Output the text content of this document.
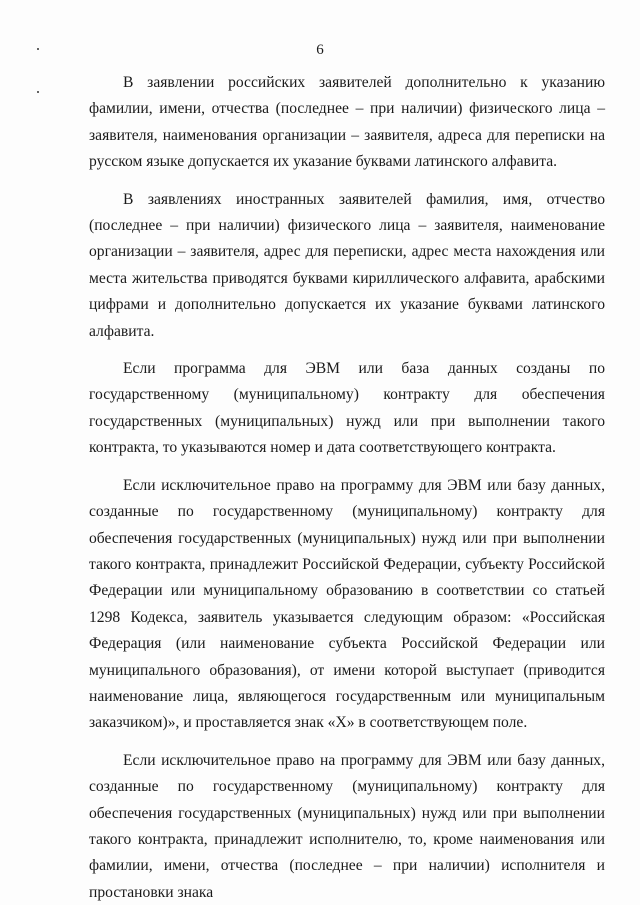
6

В заявлении российских заявителей дополнительно к указанию фамилии, имени, отчества (последнее – при наличии) физического лица – заявителя, наименования организации – заявителя, адреса для переписки на русском языке допускается их указание буквами латинского алфавита.

В заявлениях иностранных заявителей фамилия, имя, отчество (последнее – при наличии) физического лица – заявителя, наименование организации – заявителя, адрес для переписки, адрес места нахождения или места жительства приводятся буквами кириллического алфавита, арабскими цифрами и дополнительно допускается их указание буквами латинского алфавита.

Если программа для ЭВМ или база данных созданы по государственному (муниципальному) контракту для обеспечения государственных (муниципальных) нужд или при выполнении такого контракта, то указываются номер и дата соответствующего контракта.

Если исключительное право на программу для ЭВМ или базу данных, созданные по государственному (муниципальному) контракту для обеспечения государственных (муниципальных) нужд или при выполнении такого контракта, принадлежит Российской Федерации, субъекту Российской Федерации или муниципальному образованию в соответствии со статьей 1298 Кодекса, заявитель указывается следующим образом: «Российская Федерация (или наименование субъекта Российской Федерации или муниципального образования), от имени которой выступает (приводится наименование лица, являющегося государственным или муниципальным заказчиком)», и проставляется знак «X» в соответствующем поле.

Если исключительное право на программу для ЭВМ или базу данных, созданные по государственному (муниципальному) контракту для обеспечения государственных (муниципальных) нужд или при выполнении такого контракта, принадлежит исполнителю, то, кроме наименования или фамилии, имени, отчества (последнее – при наличии) исполнителя и простановки знака
